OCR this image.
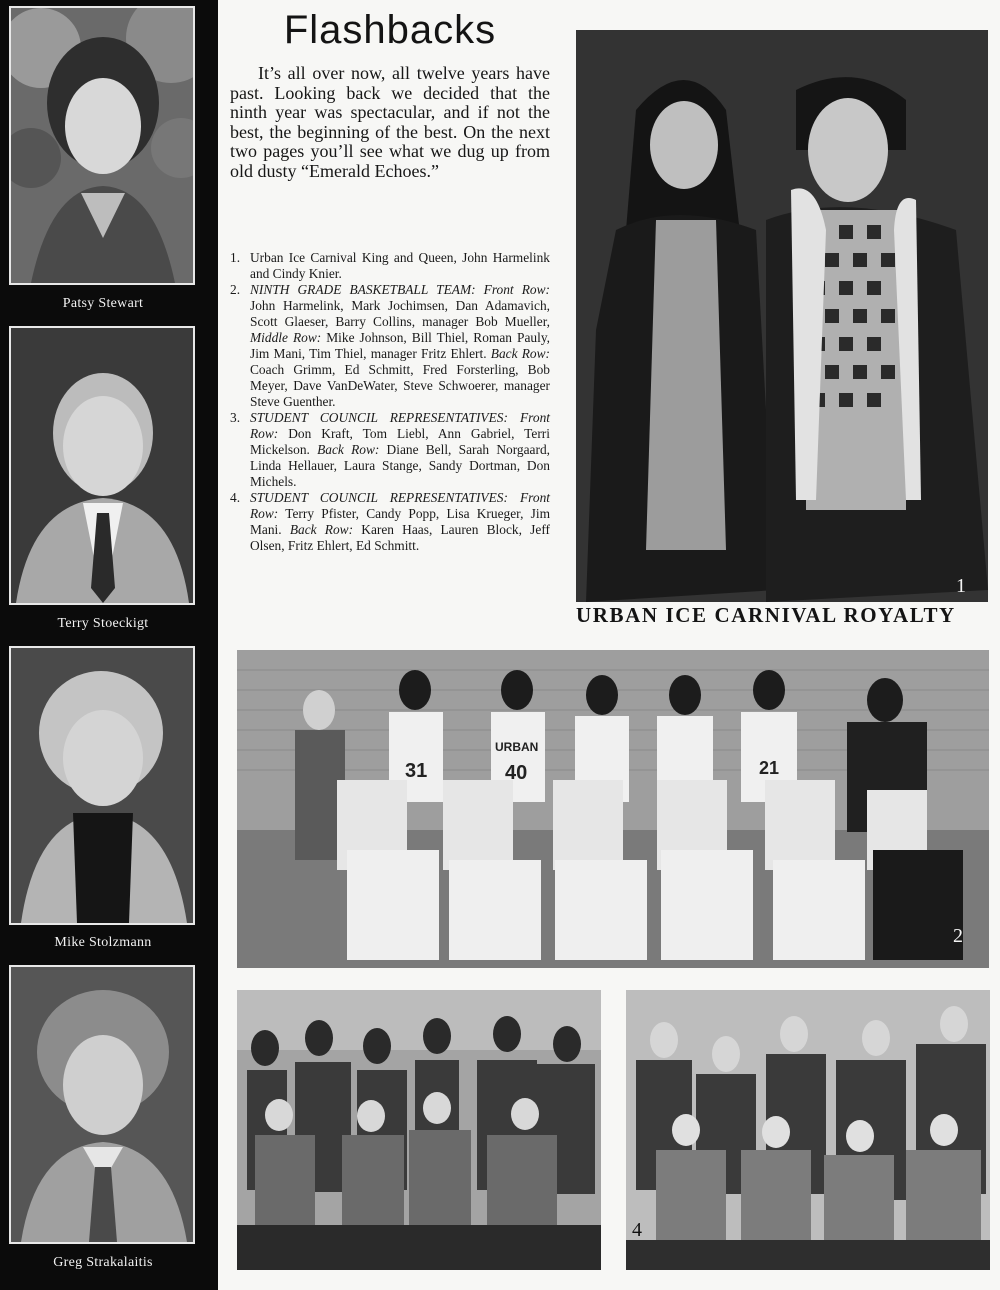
Patsy Stewart
Terry Stoeckigt
Mike Stolzmann
Greg Strakalaitis
Flashbacks
It’s all over now, all twelve years have past. Looking back we decided that the ninth year was spectacular, and if not the best, the beginning of the best. On the next two pages you’ll see what we dug up from old dusty “Emerald Echoes.”
1. Urban Ice Carnival King and Queen, John Harmelink and Cindy Knier.
2. NINTH GRADE BASKETBALL TEAM: Front Row: John Harmelink, Mark Jochimsen, Dan Adamavich, Scott Glaeser, Barry Collins, manager Bob Mueller, Middle Row: Mike Johnson, Bill Thiel, Roman Pauly, Jim Mani, Tim Thiel, manager Fritz Ehlert. Back Row: Coach Grimm, Ed Schmitt, Fred Forsterling, Bob Meyer, Dave VanDeWater, Steve Schwoerer, manager Steve Guenther.
3. STUDENT COUNCIL REPRESENTATIVES: Front Row: Don Kraft, Tom Liebl, Ann Gabriel, Terri Mickelson. Back Row: Diane Bell, Sarah Norgaard, Linda Hellauer, Laura Stange, Sandy Dortman, Don Michels.
4. STUDENT COUNCIL REPRESENTATIVES: Front Row: Terry Pfister, Candy Popp, Lisa Krueger, Jim Mani. Back Row: Karen Haas, Lauren Block, Jeff Olsen, Fritz Ehlert, Ed Schmitt.
1
URBAN ICE CARNIVAL ROYALTY
31	40	21
URBAN
2
4
